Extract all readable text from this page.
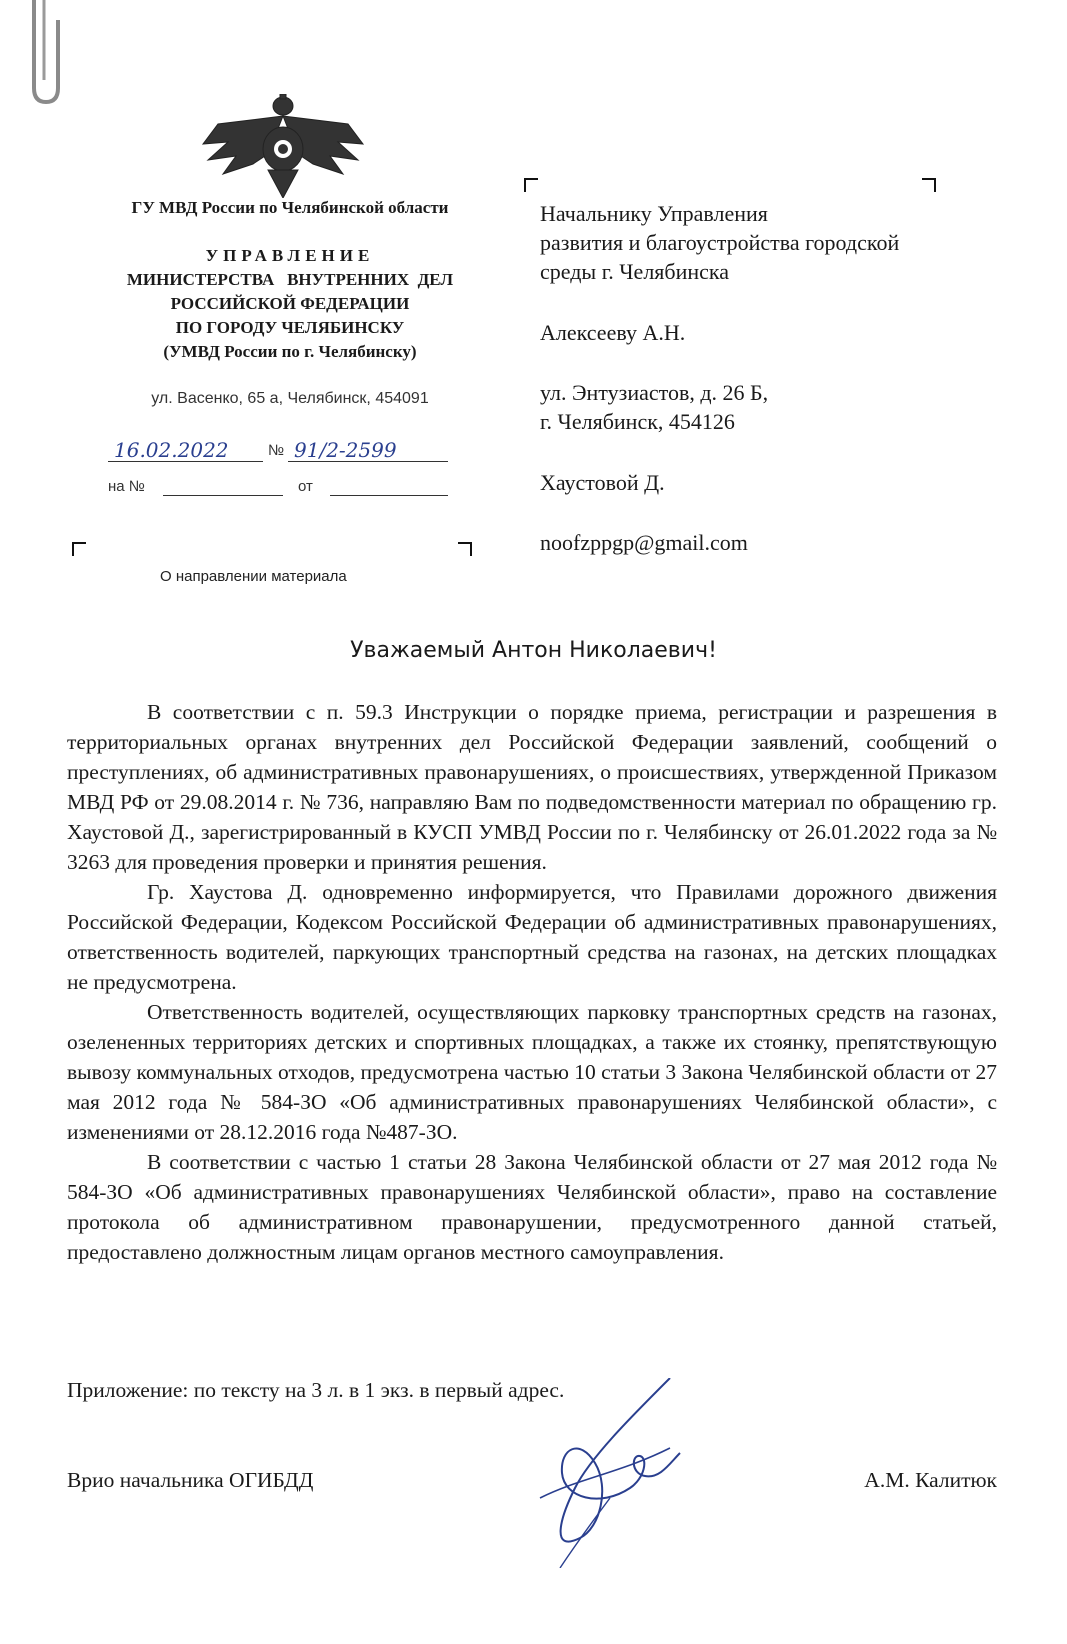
ГУ МВД России по Челябинской области
УПРАВЛЕНИЕ
МИНИСТЕРСТВА   ВНУТРЕННИХ  ДЕЛ
РОССИЙСКОЙ ФЕДЕРАЦИИ
ПО ГОРОДУ ЧЕЛЯБИНСКУ
(УМВД России по г. Челябинску)
ул. Васенко, 65 а, Челябинск, 454091
16.02.2022	№ 91/2-2599
на №	от
О направлении материала
Начальнику Управления
развития и благоустройства городской
среды г. Челябинска
Алексееву А.Н.
ул. Энтузиастов, д. 26 Б,
г. Челябинск, 454126
Хаустовой Д.
noofzppgp@gmail.com
Уважаемый Антон Николаевич!

В соответствии с п. 59.3 Инструкции о порядке приема, регистрации и разрешения в территориальных органах внутренних дел Российской Федерации заявлений, сообщений о преступлениях, об административных правонарушениях, о происшествиях, утвержденной Приказом МВД РФ от 29.08.2014 г. № 736, направляю Вам по подведомственности материал по обращению гр. Хаустовой Д., зарегистрированный в КУСП УМВД России по г. Челябинску от 26.01.2022 года за № 3263 для проведения проверки и принятия решения.

Гр. Хаустова Д. одновременно информируется, что Правилами дорожного движения Российской Федерации, Кодексом Российской Федерации об административных правонарушениях, ответственность водителей, паркующих транспортный средства на газонах, на детских площадках не предусмотрена.

Ответственность водителей, осуществляющих парковку транспортных средств на газонах, озелененных территориях детских и спортивных площадках, а также их стоянку, препятствующую вывозу коммунальных отходов, предусмотрена частью 10 статьи 3 Закона Челябинской области от 27 мая 2012 года № 584-ЗО «Об административных правонарушениях Челябинской области», с изменениями от 28.12.2016 года №487-ЗО.

В соответствии с частью 1 статьи 28 Закона Челябинской области от 27 мая 2012 года № 584-ЗО «Об административных правонарушениях Челябинской области», право на составление протокола об административном правонарушении, предусмотренного данной статьей, предоставлено должностным лицам органов местного самоуправления.

Приложение: по тексту на 3 л. в 1 экз. в первый адрес.
Врио начальника ОГИБДД	А.М. Калитюк
